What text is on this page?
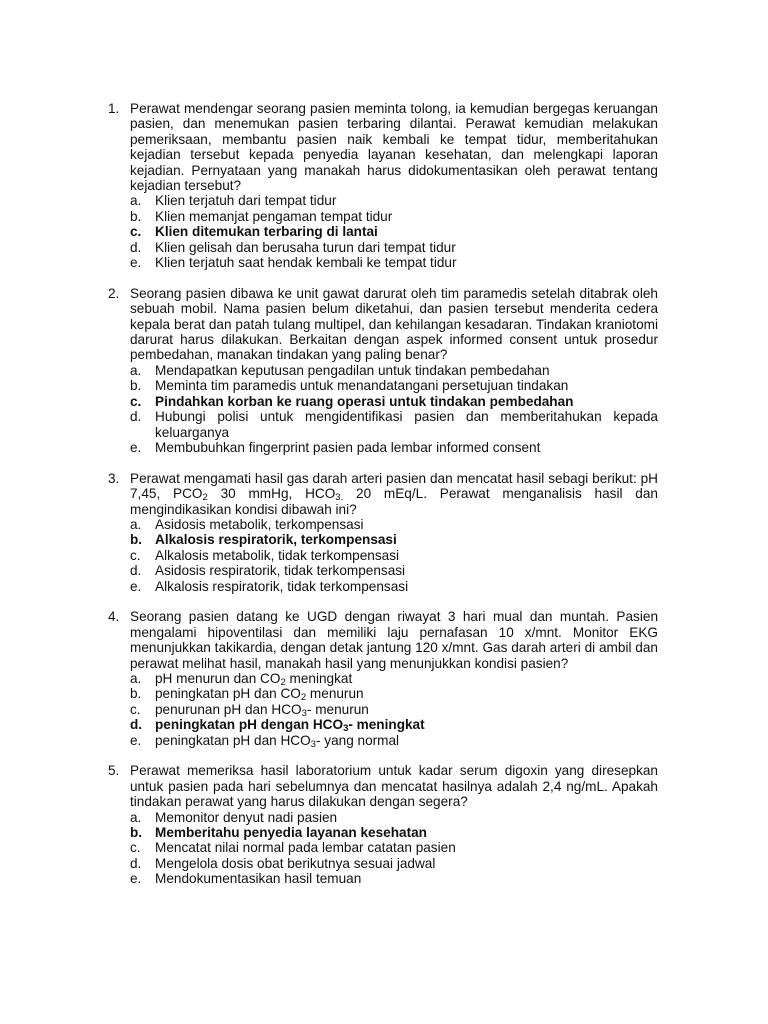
1. Perawat mendengar seorang pasien meminta tolong, ia kemudian bergegas keruangan pasien, dan menemukan pasien terbaring dilantai. Perawat kemudian melakukan pemeriksaan, membantu pasien naik kembali ke tempat tidur, memberitahukan kejadian tersebut kepada penyedia layanan kesehatan, dan melengkapi laporan kejadian. Pernyataan yang manakah harus didokumentasikan oleh perawat tentang kejadian tersebut?
a. Klien terjatuh dari tempat tidur
b. Klien memanjat pengaman tempat tidur
c. Klien ditemukan terbaring di lantai
d. Klien gelisah dan berusaha turun dari tempat tidur
e. Klien terjatuh saat hendak kembali ke tempat tidur
2. Seorang pasien dibawa ke unit gawat darurat oleh tim paramedis setelah ditabrak oleh sebuah mobil. Nama pasien belum diketahui, dan pasien tersebut menderita cedera kepala berat dan patah tulang multipel, dan kehilangan kesadaran. Tindakan kraniotomi darurat harus dilakukan. Berkaitan dengan aspek informed consent untuk prosedur pembedahan, manakan tindakan yang paling benar?
a. Mendapatkan keputusan pengadilan untuk tindakan pembedahan
b. Meminta tim paramedis untuk menandatangani persetujuan tindakan
c. Pindahkan korban ke ruang operasi untuk tindakan pembedahan
d. Hubungi polisi untuk mengidentifikasi pasien dan memberitahukan kepada keluarganya
e. Membubuhkan fingerprint pasien pada lembar informed consent
3. Perawat mengamati hasil gas darah arteri pasien dan mencatat hasil sebagi berikut: pH 7,45, $PCO_2$ 30 mmHg, $HCO_{3.}$ 20 mEq/L. Perawat menganalisis hasil dan mengindikasikan kondisi dibawah ini?
a. Asidosis metabolik, terkompensasi
b. Alkalosis respiratorik, terkompensasi
c. Alkalosis metabolik, tidak terkompensasi
d. Asidosis respiratorik, tidak terkompensasi
e. Alkalosis respiratorik, tidak terkompensasi
4. Seorang pasien datang ke UGD dengan riwayat 3 hari mual dan muntah. Pasien mengalami hipoventilasi dan memiliki laju pernafasan 10 x/mnt. Monitor EKG menunjukkan takikardia, dengan detak jantung 120 x/mnt. Gas darah arteri di ambil dan perawat melihat hasil, manakah hasil yang menunjukkan kondisi pasien?
a. pH menurun dan $CO_2$ meningkat
b. peningkatan pH dan $CO_2$ menurun
c. penurunan pH dan $HCO_3-$ menurun
d. peningkatan pH dengan $HCO_3-$ meningkat
e. peningkatan pH dan $HCO_3-$ yang normal
5. Perawat memeriksa hasil laboratorium untuk kadar serum digoxin yang diresepkan untuk pasien pada hari sebelumnya dan mencatat hasilnya adalah 2,4 ng/mL. Apakah tindakan perawat yang harus dilakukan dengan segera?
a. Memonitor denyut nadi pasien
b. Memberitahu penyedia layanan kesehatan
c. Mencatat nilai normal pada lembar catatan pasien
d. Mengelola dosis obat berikutnya sesuai jadwal
e. Mendokumentasikan hasil temuan
